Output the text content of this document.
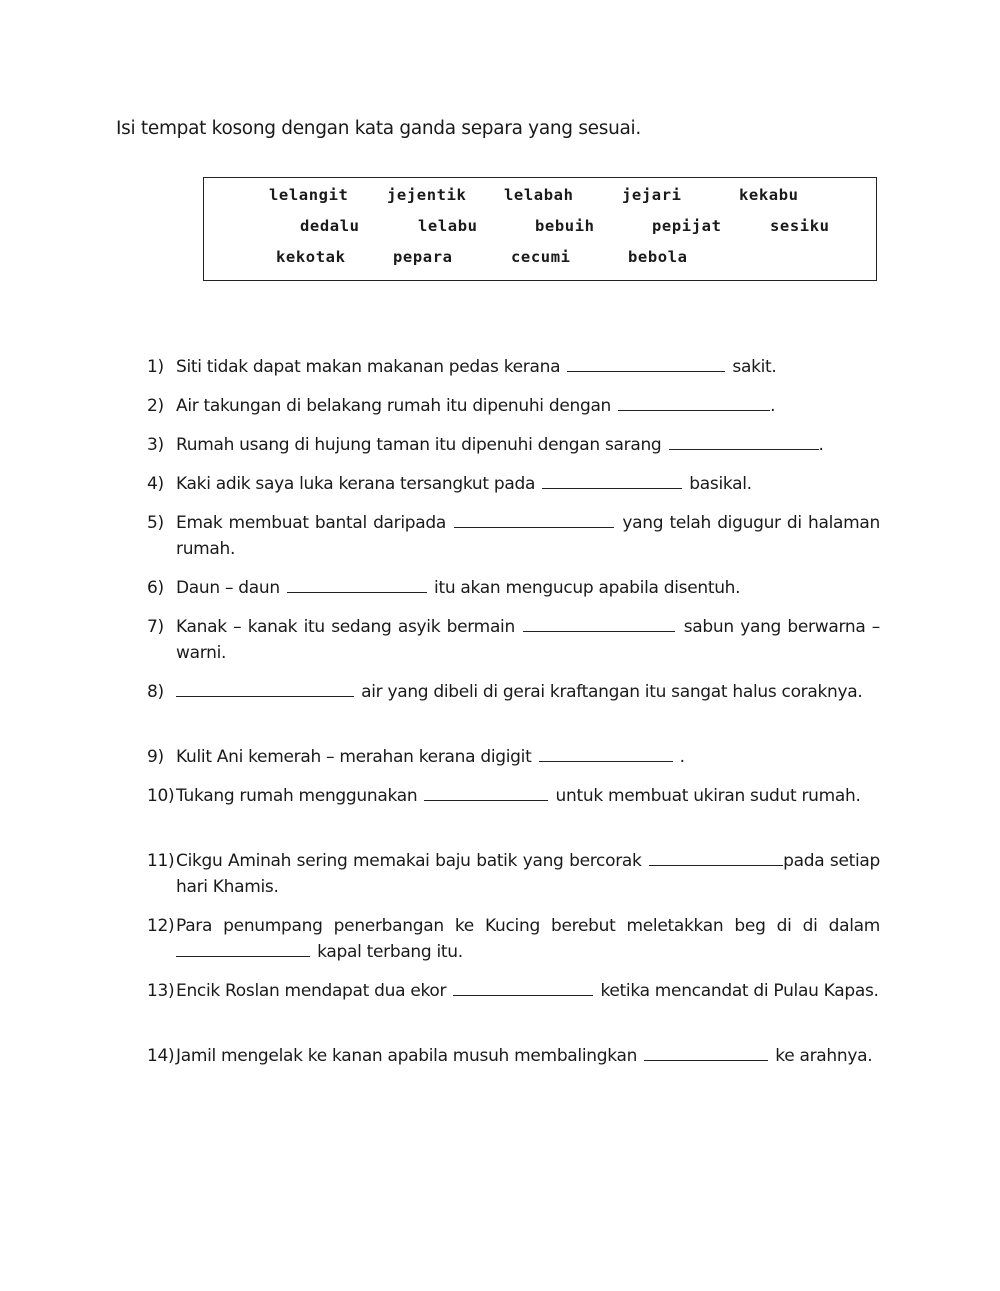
Isi tempat kosong dengan kata ganda separa yang sesuai.
lelangit jejentik lelabah	jejari	kekabu
dedalu	lelabu	bebuih	pepijat	sesiku
kekotak	pepara	cecumi	bebola
1) Siti tidak dapat makan makanan pedas kerana	sakit.
2) Air takungan di belakang rumah itu dipenuhi dengan	.
3) Rumah usang di hujung taman itu dipenuhi dengan sarang	.
4) Kaki adik saya luka kerana tersangkut pada	basikal.
5) Emak membuat bantal daripada	yang telah digugur di halaman rumah.
6) Daun – daun	itu akan mengucup apabila disentuh.
7) Kanak – kanak itu sedang asyik bermain	sabun yang berwarna – warni.
8)	air yang dibeli di gerai kraftangan itu sangat halus coraknya.
9) Kulit Ani kemerah – merahan kerana digigit	.
10) Tukang rumah menggunakan	untuk membuat ukiran sudut rumah.
11) Cikgu Aminah sering memakai baju batik yang bercorak	pada setiap hari Khamis.
12) Para penumpang penerbangan ke Kucing berebut meletakkan beg di di dalam  kapal terbang itu.
13) Encik Roslan mendapat dua ekor	ketika mencandat di Pulau Kapas.
14) Jamil mengelak ke kanan apabila musuh membalingkan	ke arahnya.
